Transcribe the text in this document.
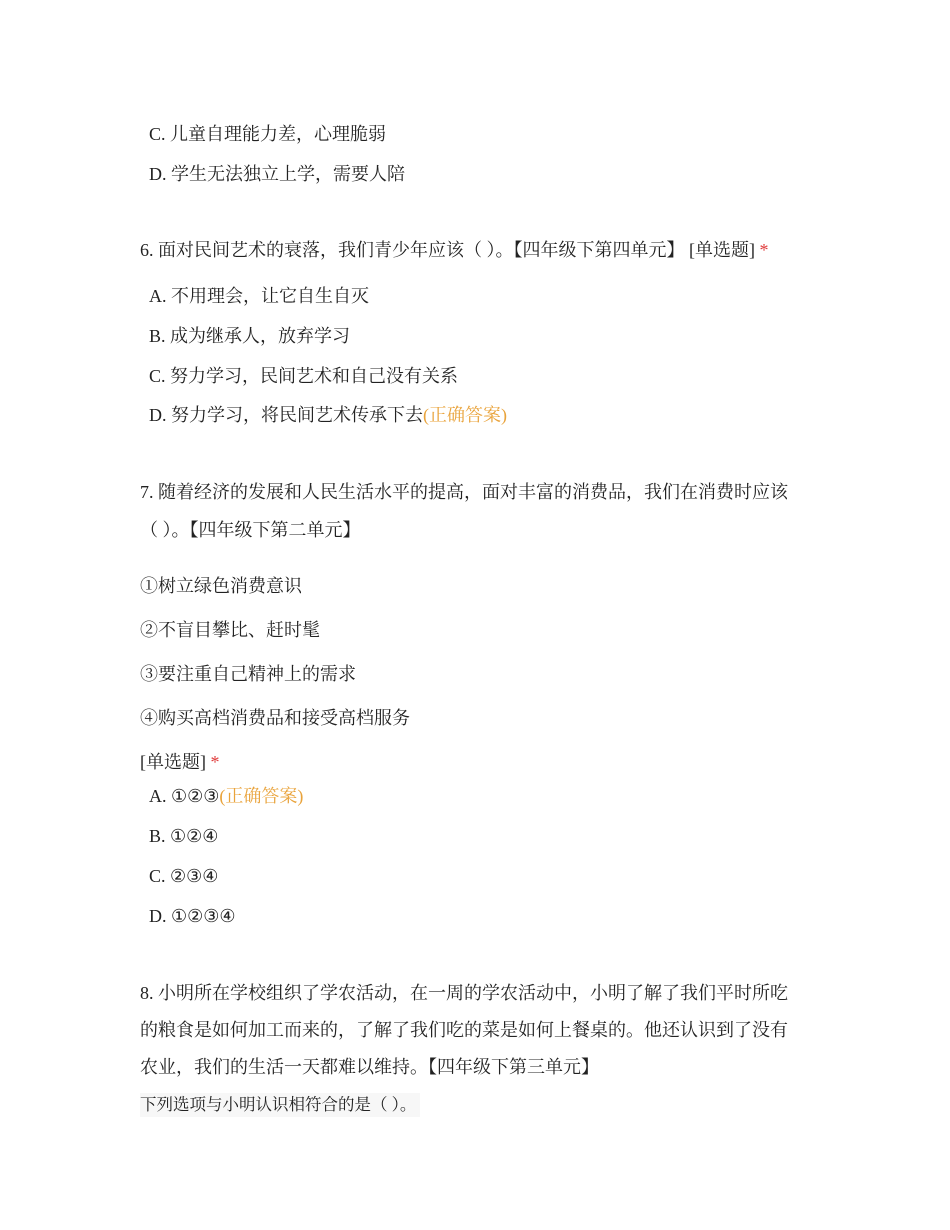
C. 儿童自理能力差，心理脆弱
D. 学生无法独立上学，需要人陪
6. 面对民间艺术的衰落，我们青少年应该（ ）。【四年级下第四单元】 [单选题] *
A. 不用理会，让它自生自灭
B. 成为继承人，放弃学习
C. 努力学习，民间艺术和自己没有关系
D. 努力学习，将民间艺术传承下去(正确答案)
7. 随着经济的发展和人民生活水平的提高，面对丰富的消费品，我们在消费时应该
（ ）。【四年级下第二单元】
①树立绿色消费意识
②不盲目攀比、赶时髦
③要注重自己精神上的需求
④购买高档消费品和接受高档服务
[单选题] *
A. ①②③(正确答案)
B. ①②④
C. ②③④
D. ①②③④
8. 小明所在学校组织了学农活动，在一周的学农活动中，小明了解了我们平时所吃
的粮食是如何加工而来的，了解了我们吃的菜是如何上餐桌的。他还认识到了没有
农业，我们的生活一天都难以维持。【四年级下第三单元】
下列选项与小明认识相符合的是（ ）。
